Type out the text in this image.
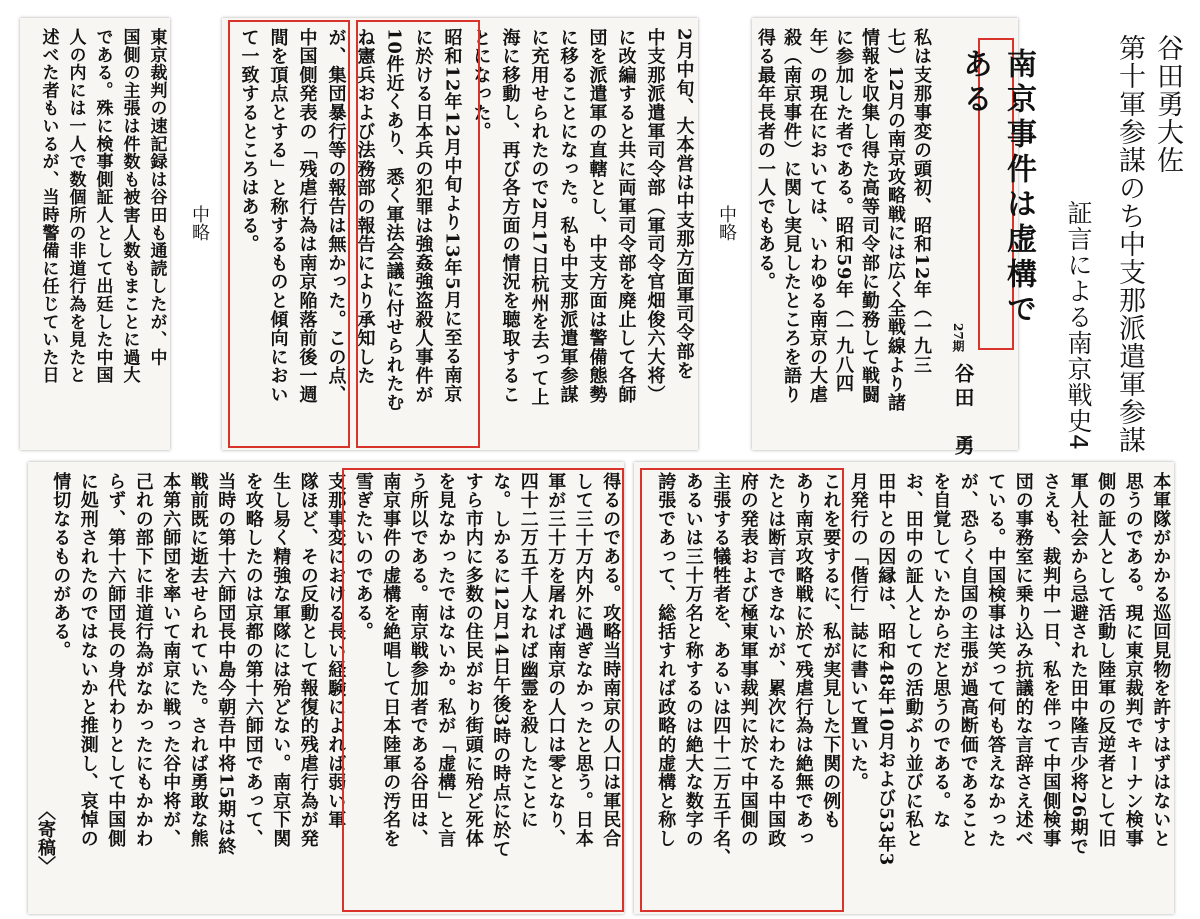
東京裁判の速記録は谷田も通読したが、中
国側の主張は件数も被害人数もまことに過大
である。殊に検事側証人として出廷した中国
人の内には一人で数個所の非道行為を見たと
述べた者もいるが、当時警備に任じていた日	中略	2月中旬、大本営は中支那方面軍司令部を
中支那派遣軍司令部（軍司令官畑俊六大将）
に改編すると共に両軍司令部を廃止して各師
団を派遣軍の直轄とし、中支方面は警備態勢
に移ることになった。私も中支那派遣軍参謀
に充用せられたので2月17日杭州を去って上
海に移動し、再び各方面の情況を聴取するこ
とになった。
昭和12年12月中旬より13年5月に至る南京
に於ける日本兵の犯罪は強姦強盗殺人事件が
10件近くあり、悉く軍法会議に付せられたむ
ね憲兵および法務部の報告により承知した
が、集団暴行等の報告は無かった。この点、
中国側発表の「残虐行為は南京陥落前後一週
間を頂点とする」と称するものと傾向におい
て一致するところはある。	中略	私は支那事変の頭初、昭和12年（一九三
七）12月の南京攻略戦には広く全戦線より諸
情報を収集し得た高等司令部に勤務して戦闘
に参加した者である。昭和59年（一九八四
年）の現在においては、いわゆる南京の大虐
殺（南京事件）に関し実見したところを語り
得る最年長者の一人でもある。
27期
谷田　勇
南京事件は虚構である	谷田勇大佐
第十軍参謀のち中支那派遣軍参謀
証言による南京戦史4
得るのである。攻略当時南京の人口は軍民合
して三十万内外に過ぎなかったと思う。日本
軍が三十万を屠れば南京の人口は零となり、
四十二万五千人なれば幽霊を殺したことに
な。しかるに12月14日午後3時の時点に於て
すら市内に多数の住民がおり街頭に殆ど死体
を見なかったではないか。私が「虚構」と言
う所以である。南京戦参加者である谷田は、
南京事件の虚構を絶唱して日本陸軍の汚名を
雪ぎたいのである。
支那事変における長い経験によれば弱い軍
隊ほど、その反動として報復的残虐行為が発
生し易く精強な軍隊には殆どない。南京下関
を攻略したのは京都の第十六師団であって、
当時の第十六師団長中島今朝吾中将15期は終
戦前既に逝去せられていた。されば勇敢な熊
本第六師団を率いて南京に戦った谷中将が、
己れの部下に非道行為がなかったにもかかわ
らず、第十六師団長の身代わりとして中国側
に処刑されたのではないかと推測し、哀悼の
情切なるものがある。
〈寄稿〉	本軍隊がかかる巡回見物を許すはずはないと
思うのである。現に東京裁判でキーナン検事
側の証人として活動し陸軍の反逆者として旧
軍人社会から忌避された田中隆吉少将26期で
さえも、裁判中一日、私を伴って中国側検事
団の事務室に乗り込み抗議的な言辞さえ述べ
ている。中国検事は笑って何も答えなかった
が、恐らく自国の主張が過高断価であること
を自覚していたからだと思うのである。な
お、田中の証人としての活動ぶり並びに私と
田中との因縁は、昭和48年10月および53年3
月発行の「偕行」誌に書いて置いた。
これを要するに、私が実見した下関の例も
あり南京攻略戦に於て残虐行為は絶無であっ
たとは断言できないが、累次にわたる中国政
府の発表および極東軍事裁判に於て中国側の
主張する犠牲者を、あるいは四十二万五千名、
あるいは三十万名と称するのは絶大な数字の
誇張であって、総括すれば政略的虚構と称し
